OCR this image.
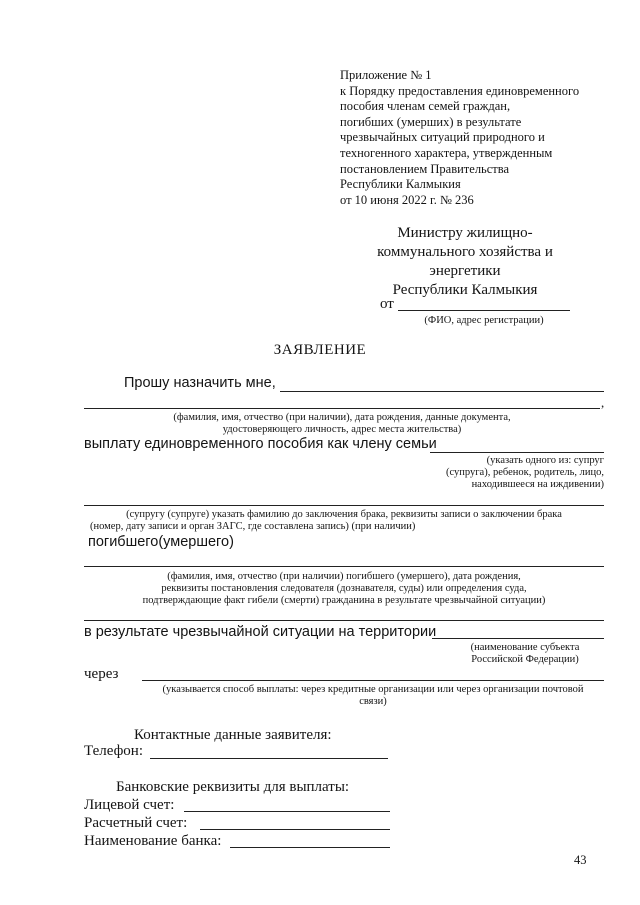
Приложение № 1
к Порядку предоставления единовременного
пособия членам семей граждан,
погибших (умерших) в результате
чрезвычайных ситуаций природного и
техногенного характера, утвержденным
постановлением Правительства
Республики Калмыкия
от 10 июня 2022 г. № 236
Министру жилищно-
коммунального хозяйства и
энергетики
Республики Калмыкия
от
(ФИО, адрес регистрации)
ЗАЯВЛЕНИЕ
Прошу назначить мне,
,
(фамилия, имя, отчество (при наличии), дата рождения, данные документа,
удостоверяющего личность, адрес места жительства)
выплату единовременного пособия как члену семьи
(указать одного из: супруг
(супруга), ребенок, родитель, лицо,
находившееся на иждивении)
(супругу (супруге) указать фамилию до заключения брака, реквизиты записи о заключении брака
(номер, дату записи и орган ЗАГС, где составлена запись) (при наличии)
погибшего(умершего)
(фамилия, имя, отчество (при наличии) погибшего (умершего), дата рождения,
реквизиты постановления следователя (дознавателя, суды) или определения суда,
подтверждающие факт гибели (смерти) гражданина в результате чрезвычайной ситуации)
в результате чрезвычайной ситуации на территории
(наименование субъекта
Российской Федерации)
через
(указывается способ выплаты: через кредитные организации или через организации почтовой
связи)
Контактные данные заявителя:
Телефон:
Банковские реквизиты для выплаты:
Лицевой счет:
Расчетный счет:
Наименование банка:
43
